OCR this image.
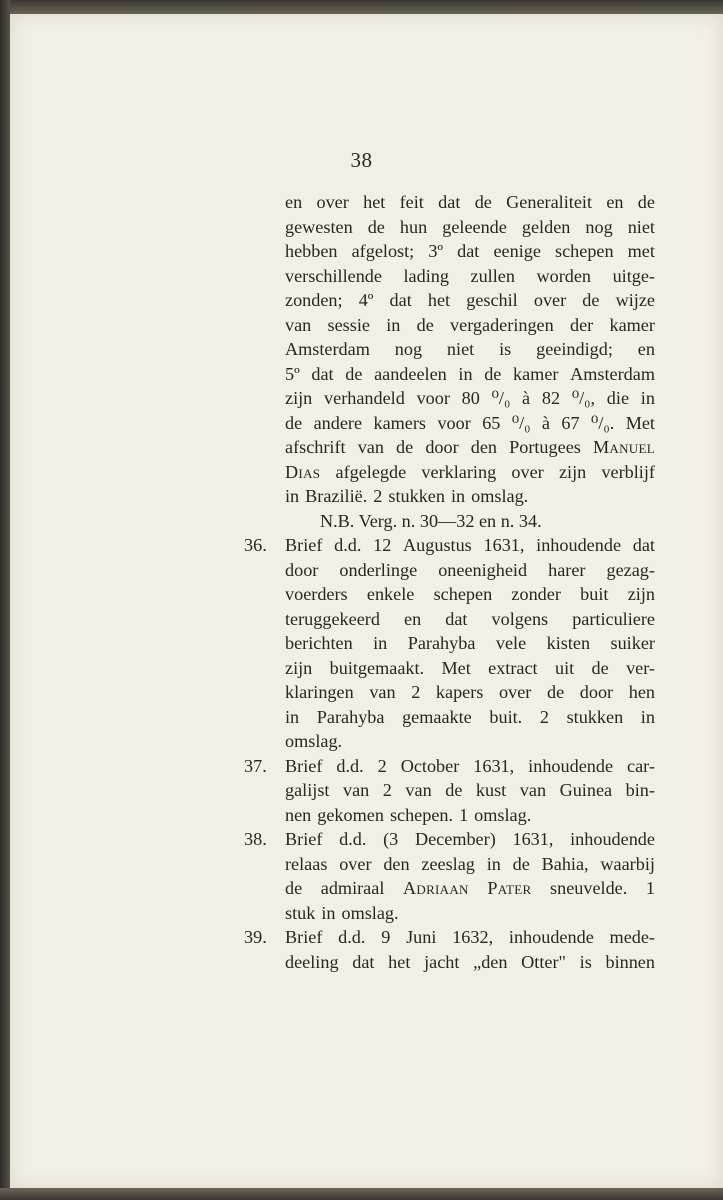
38
en over het feit dat de Generaliteit en de
gewesten de hun geleende gelden nog niet
hebben afgelost; 3º dat eenige schepen met
verschillende lading zullen worden uitge-
zonden; 4º dat het geschil over de wijze
van sessie in de vergaderingen der kamer
Amsterdam nog niet is geeindigd; en
5º dat de aandeelen in de kamer Amsterdam
zijn verhandeld voor 80 ⁰/₀ à 82 ⁰/₀, die in
de andere kamers voor 65 ⁰/₀ à 67 ⁰/₀. Met
afschrift van de door den Portugees Manuel
Dias afgelegde verklaring over zijn verblijf
in Brazilië. 2 stukken in omslag.
N.B. Verg. n. 30—32 en n. 34.
Brief d.d. 12 Augustus 1631, inhoudende dat
door onderlinge oneenigheid harer gezag-
voerders enkele schepen zonder buit zijn
teruggekeerd en dat volgens particuliere
berichten in Parahyba vele kisten suiker
zijn buitgemaakt. Met extract uit de ver-
klaringen van 2 kapers over de door hen
in Parahyba gemaakte buit. 2 stukken in
omslag.
Brief d.d. 2 October 1631, inhoudende car-
galijst van 2 van de kust van Guinea bin-
nen gekomen schepen. 1 omslag.
Brief d.d. (3 December) 1631, inhoudende
relaas over den zeeslag in de Bahia, waarbij
de admiraal Adriaan Pater sneuvelde. 1
stuk in omslag.
Brief d.d. 9 Juni 1632, inhoudende mede-
deeling dat het jacht „den Otter" is binnen
36.
37.
38.
39.
